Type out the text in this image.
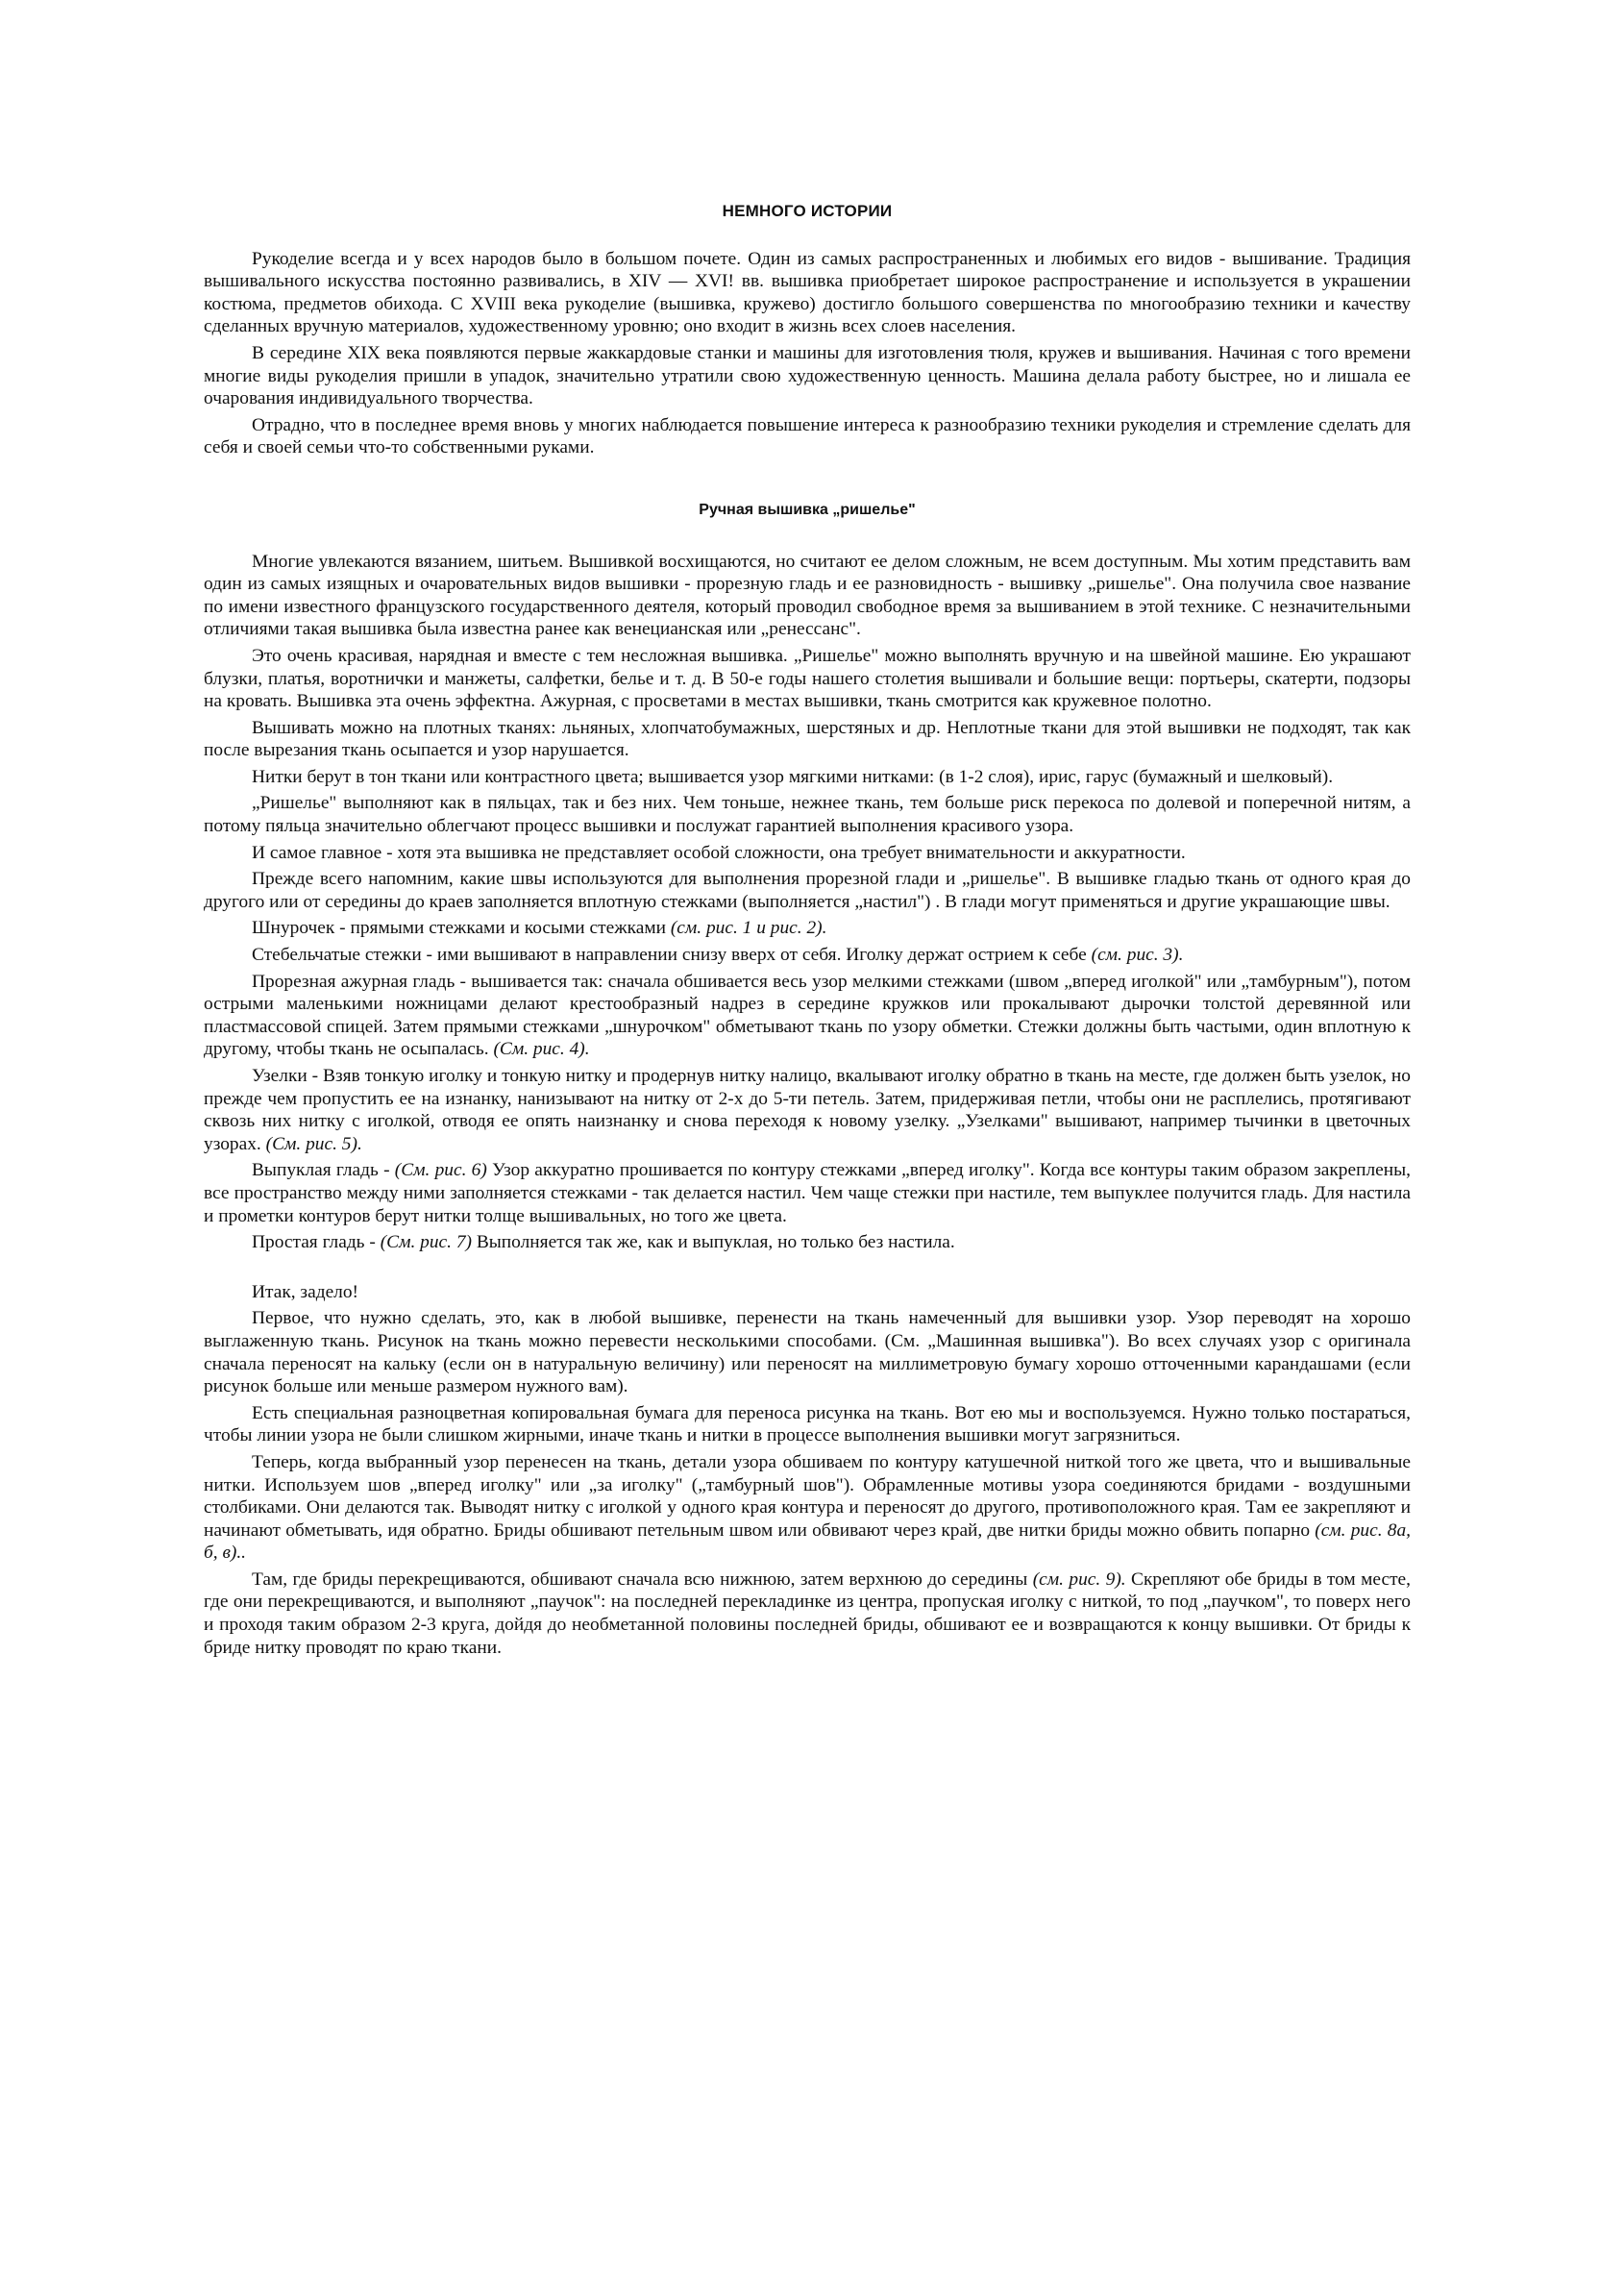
НЕМНОГО ИСТОРИИ

Рукоделие всегда и у всех народов было в большом почете. Один из самых распространенных и любимых его видов - вышивание. Традиция вышивального искусства постоянно развивались, в XIV — XVI! вв. вышивка приобретает широкое распространение и используется в украшении костюма, предметов обихода. С XVIII века рукоделие (вышивка, кружево) достигло большого совершенства по многообразию техники и качеству сделанных вручную материалов, художественному уровню; оно входит в жизнь всех слоев населения.

В середине XIX века появляются первые жаккардовые станки и машины для изготовления тюля, кружев и вышивания. Начиная с того времени многие виды рукоделия пришли в упадок, значительно утратили свою художественную ценность. Машина делала работу быстрее, но и лишала ее очарования индивидуального творчества.

Отрадно, что в последнее время вновь у многих наблюдается повышение интереса к разнообразию техники рукоделия и стремление сделать для себя и своей семьи что-то собственными руками.

Ручная вышивка „ришелье"

Многие увлекаются вязанием, шитьем. Вышивкой восхищаются, но считают ее делом сложным, не всем доступным. Мы хотим представить вам один из самых изящных и очаровательных видов вышивки - прорезную гладь и ее разновидность - вышивку „ришелье". Она получила свое название по имени известного французского государственного деятеля, который проводил свободное время за вышиванием в этой технике. С незначительными отличиями такая вышивка была известна ранее как венецианская или „ренессанс".

Это очень красивая, нарядная и вместе с тем несложная вышивка. „Ришелье" можно выполнять вручную и на швейной машине. Ею украшают блузки, платья, воротнички и манжеты, салфетки, белье и т. д. В 50-е годы нашего столетия вышивали и большие вещи: портьеры, скатерти, подзоры на кровать. Вышивка эта очень эффектна. Ажурная, с просветами в местах вышивки, ткань смотрится как кружевное полотно.

Вышивать можно на плотных тканях: льняных, хлопчатобумажных, шерстяных и др. Неплотные ткани для этой вышивки не подходят, так как после вырезания ткань осыпается и узор нарушается.

Нитки берут в тон ткани или контрастного цвета; вышивается узор мягкими нитками: (в 1-2 слоя), ирис, гарус (бумажный и шелковый).

„Ришелье" выполняют как в пяльцах, так и без них. Чем тоньше, нежнее ткань, тем больше риск перекоса по долевой и поперечной нитям, а потому пяльца значительно облегчают процесс вышивки и послужат гарантией выполнения красивого узора.

И самое главное - хотя эта вышивка не представляет особой сложности, она требует внимательности и аккуратности.

Прежде всего напомним, какие швы используются для выполнения прорезной глади и „ришелье". В вышивке гладью ткань от одного края до другого или от середины до краев заполняется вплотную стежками (выполняется „настил") . В глади могут применяться и другие украшающие швы.

Шнурочек - прямыми стежками и косыми стежками (см. рис. 1 и рис. 2).

Стебельчатые стежки - ими вышивают в направлении снизу вверх от себя. Иголку держат острием к себе (см. рис. 3).

Прорезная ажурная гладь - вышивается так: сначала обшивается весь узор мелкими стежками (швом „вперед иголкой" или „тамбурным"), потом острыми маленькими ножницами делают крестообразный надрез в середине кружков или прокалывают дырочки толстой деревянной или пластмассовой спицей. Затем прямыми стежками „шнурочком" обметывают ткань по узору обметки. Стежки должны быть частыми, один вплотную к другому, чтобы ткань не осыпалась. (См. рис. 4).

Узелки - Взяв тонкую иголку и тонкую нитку и продернув нитку налицо, вкалывают иголку обратно в ткань на месте, где должен быть узелок, но прежде чем пропустить ее на изнанку, нанизывают на нитку от 2-х до 5-ти петель. Затем, придерживая петли, чтобы они не расплелись, протягивают сквозь них нитку с иголкой, отводя ее опять наизнанку и снова переходя к новому узелку. „Узелками" вышивают, например тычинки в цветочных узорах. (См. рис. 5).

Выпуклая гладь - (См. рис. 6) Узор аккуратно прошивается по контуру стежками „вперед иголку". Когда все контуры таким образом закреплены, все пространство между ними заполняется стежками - так делается настил. Чем чаще стежки при настиле, тем выпуклее получится гладь. Для настила и прометки контуров берут нитки толще вышивальных, но того же цвета.

Простая гладь - (См. рис. 7) Выполняется так же, как и выпуклая, но только без настила.

Итак, задело!

Первое, что нужно сделать, это, как в любой вышивке, перенести на ткань намеченный для вышивки узор. Узор переводят на хорошо выглаженную ткань. Рисунок на ткань можно перевести несколькими способами. (См. „Машинная вышивка"). Во всех случаях узор с оригинала сначала переносят на кальку (если он в натуральную величину) или переносят на миллиметровую бумагу хорошо отточенными карандашами (если рисунок больше или меньше размером нужного вам).

Есть специальная разноцветная копировальная бумага для переноса рисунка на ткань. Вот ею мы и воспользуемся. Нужно только постараться, чтобы линии узора не были слишком жирными, иначе ткань и нитки в процессе выполнения вышивки могут загрязниться.

Теперь, когда выбранный узор перенесен на ткань, детали узора обшиваем по контуру катушечной ниткой того же цвета, что и вышивальные нитки. Используем шов „вперед иголку" или „за иголку" („тамбурный шов"). Обрамленные мотивы узора соединяются бридами - воздушными столбиками. Они делаются так. Выводят нитку с иголкой у одного края контура и переносят до другого, противоположного края. Там ее закрепляют и начинают обметывать, идя обратно. Бриды обшивают петельным швом или обвивают через край, две нитки бриды можно обвить попарно (см. рис. 8а, б, в)..

Там, где бриды перекрещиваются, обшивают сначала всю нижнюю, затем верхнюю до середины (см. рис. 9). Скрепляют обе бриды в том месте, где они перекрещиваются, и выполняют „паучок": на последней перекладинке из центра, пропуская иголку с ниткой, то под „паучком", то поверх него и проходя таким образом 2-3 круга, дойдя до необметанной половины последней бриды, обшивают ее и возвращаются к концу вышивки. От бриды к бриде нитку проводят по краю ткани.
